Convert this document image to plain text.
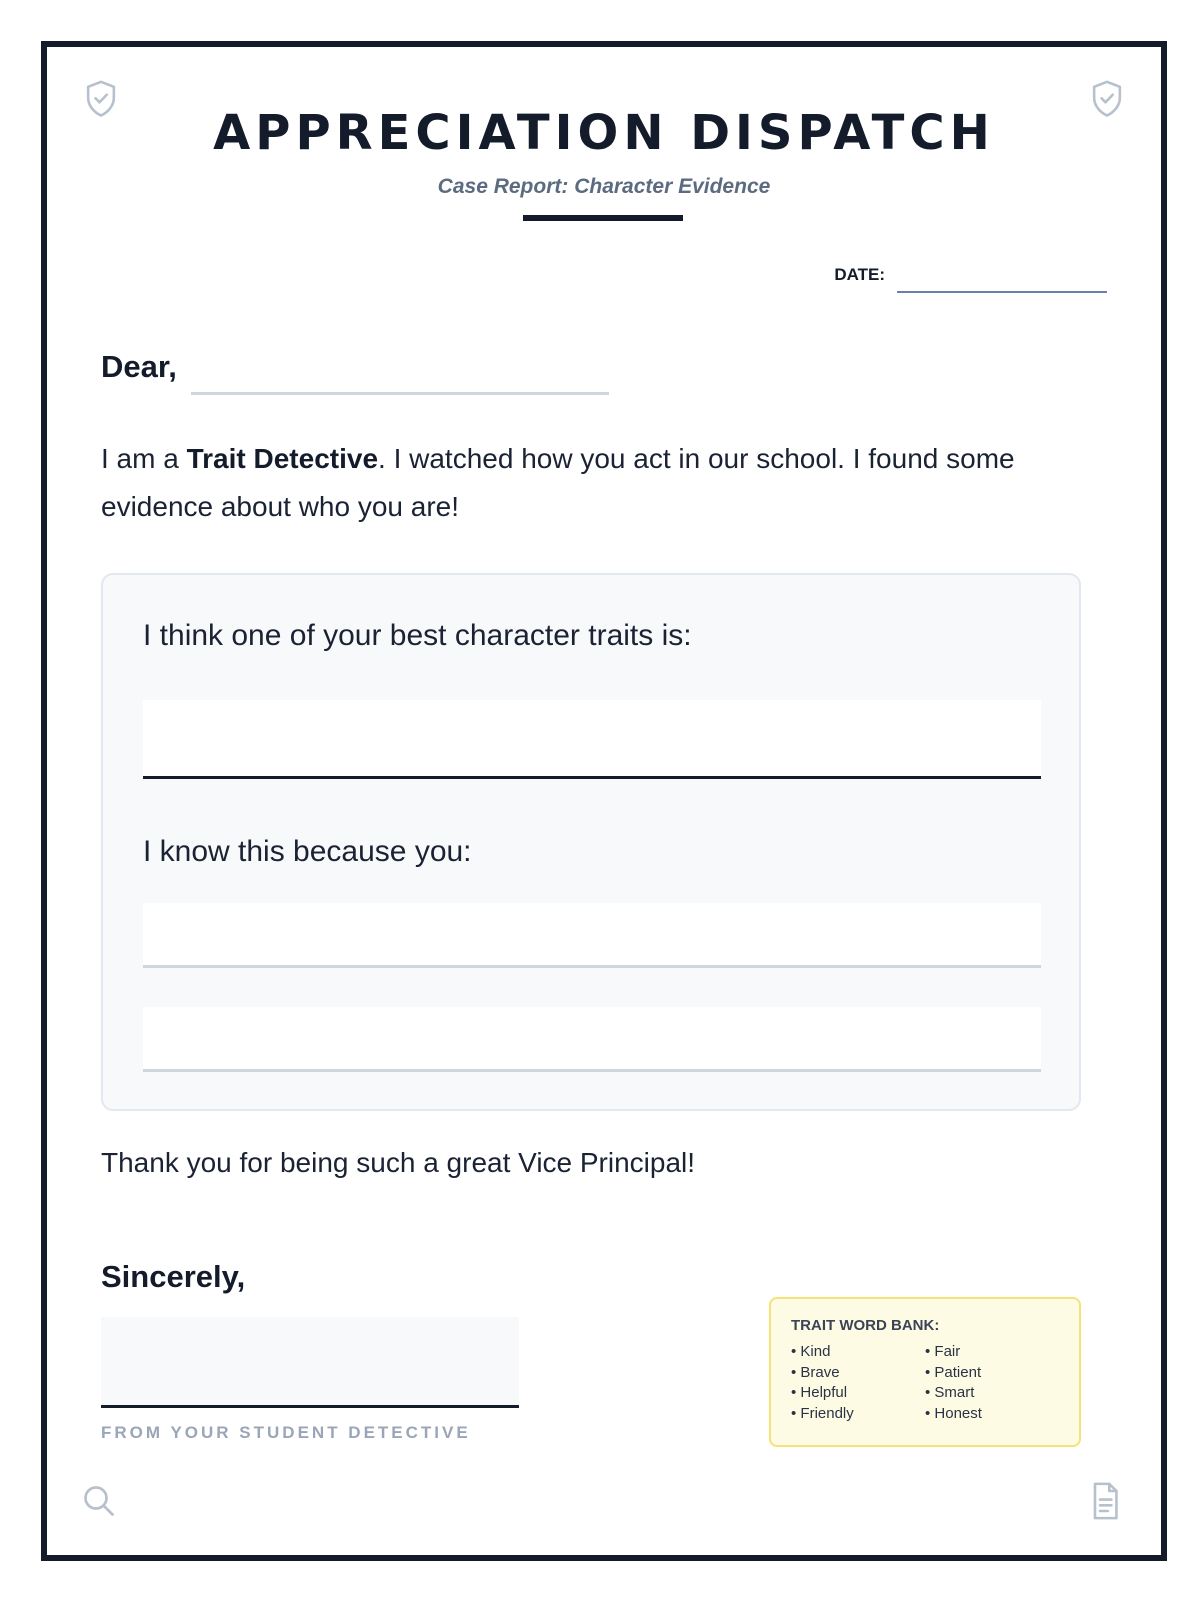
APPRECIATION DISPATCH
Case Report: Character Evidence
DATE:
Dear,

I am a Trait Detective. I watched how you act in our school. I found some evidence about who you are!

I think one of your best character traits is:
I know this because you:
Thank you for being such a great Vice Principal!
Sincerely,
FROM YOUR STUDENT DETECTIVE
TRAIT WORD BANK:
• Kind
• Brave
• Helpful
• Friendly
• Fair
• Patient
• Smart
• Honest
